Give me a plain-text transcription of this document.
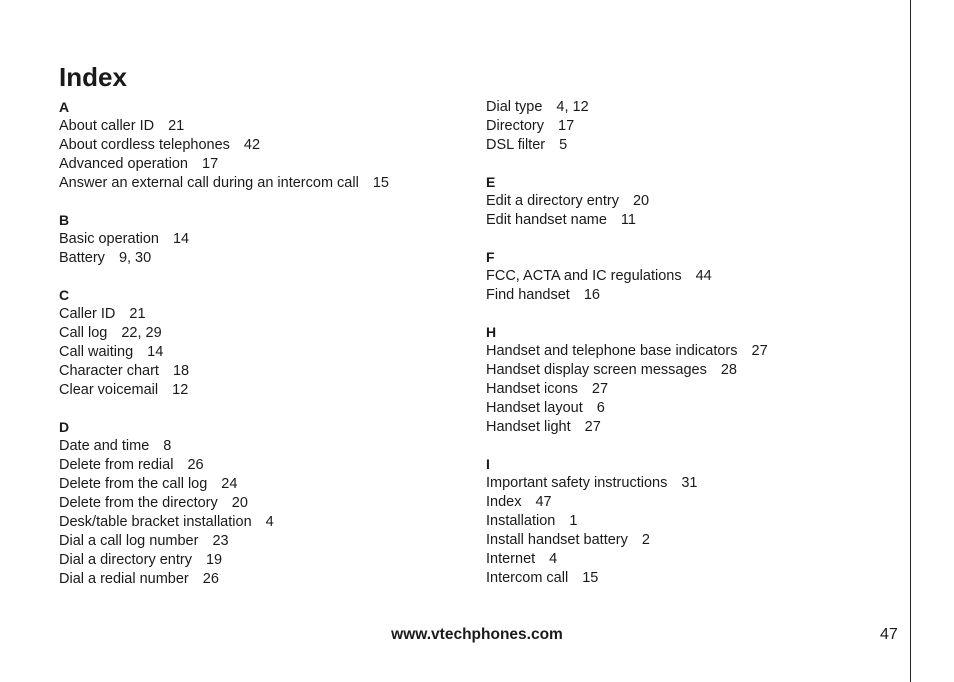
Index
A
About caller ID 21
About cordless telephones 42
Advanced operation 17
Answer an external call during an intercom call 15
B
Basic operation 14
Battery 9, 30
C
Caller ID 21
Call log 22, 29
Call waiting 14
Character chart 18
Clear voicemail 12
D
Date and time 8
Delete from redial 26
Delete from the call log 24
Delete from the directory 20
Desk/table bracket installation 4
Dial a call log number 23
Dial a directory entry 19
Dial a redial number 26
Dial type 4, 12
Directory 17
DSL filter 5
E
Edit a directory entry 20
Edit handset name 11
F
FCC, ACTA and IC regulations 44
Find handset 16
H
Handset and telephone base indicators 27
Handset display screen messages 28
Handset icons 27
Handset layout 6
Handset light 27
I
Important safety instructions 31
Index 47
Installation 1
Install handset battery 2
Internet 4
Intercom call 15
www.vtechphones.com	47
